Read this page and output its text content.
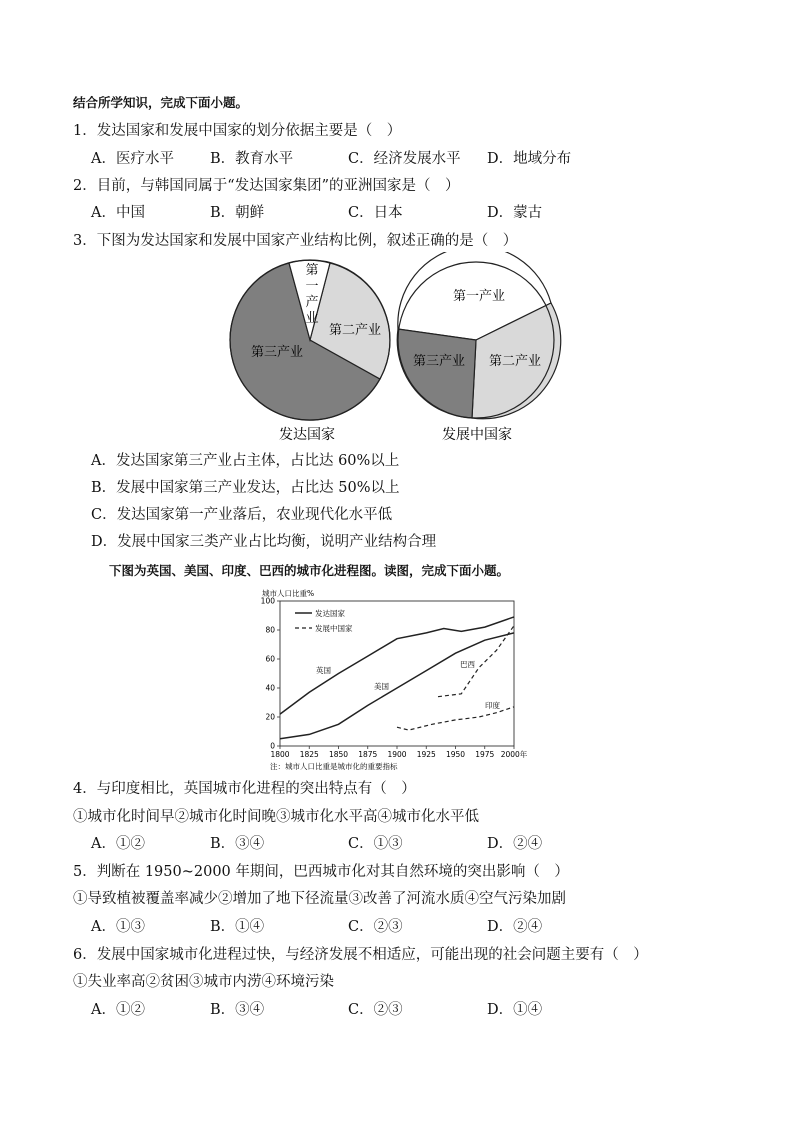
结合所学知识，完成下面小题。
1．发达国家和发展中国家的划分依据主要是（　）
A．医疗水平 B．教育水平	C．经济发展水平 D．地域分布
2．目前，与韩国同属于“发达国家集团”的亚洲国家是（　）
A．中国	B．朝鲜	C．日本	D．蒙古
3．下图为发达国家和发展中国家产业结构比例，叙述正确的是（　）
第
一
产
业
第二产业
第三产业
发达国家
第一产业
第二产业
第三产业
发展中国家
A．发达国家第三产业占主体，占比达 60%以上
B．发展中国家第三产业发达，占比达 50%以上
C．发达国家第一产业落后，农业现代化水平低
D．发展中国家三类产业占比均衡，说明产业结构合理
下图为英国、美国、印度、巴西的城市化进程图。读图，完成下面小题。
城市人口比重%
0
20
40
60
80
100
1800 1825 1850 1875 1900 1925 1950 1975 2000年
发达国家
发展中国家
英国
美国
巴西
印度
注：城市人口比重是城市化的重要指标
4．与印度相比，英国城市化进程的突出特点有（　）
①城市化时间早②城市化时间晚③城市化水平高④城市化水平低
A．①②	B．③④	C．①③	D．②④
5．判断在 1950~2000 年期间，巴西城市化对其自然环境的突出影响（　）
①导致植被覆盖率减少②增加了地下径流量③改善了河流水质④空气污染加剧
A．①③	B．①④	C．②③	D．②④
6．发展中国家城市化进程过快，与经济发展不相适应，可能出现的社会问题主要有（　）
①失业率高②贫困③城市内涝④环境污染
A．①②	B．③④	C．②③	D．①④
